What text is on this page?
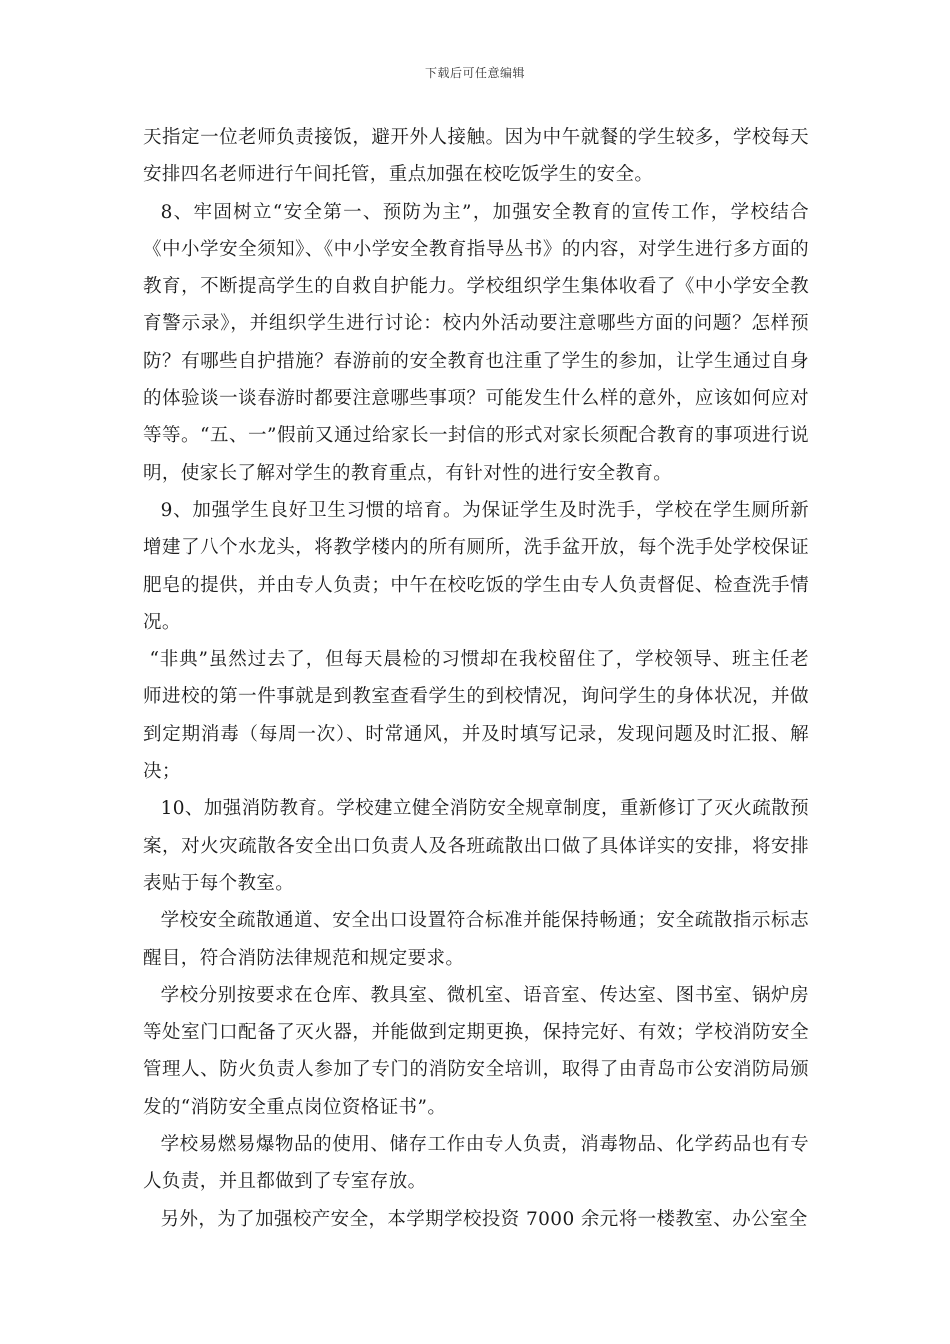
下载后可任意编辑

天指定一位老师负责接饭，避开外人接触。因为中午就餐的学生较多，学校每天安排四名老师进行午间托管，重点加强在校吃饭学生的安全。

8、牢固树立“安全第一、预防为主”，加强安全教育的宣传工作，学校结合《中小学安全须知》、《中小学安全教育指导丛书》的内容，对学生进行多方面的教育，不断提高学生的自救自护能力。学校组织学生集体收看了《中小学安全教育警示录》，并组织学生进行讨论：校内外活动要注意哪些方面的问题？怎样预防？有哪些自护措施？春游前的安全教育也注重了学生的参加，让学生通过自身的体验谈一谈春游时都要注意哪些事项？可能发生什么样的意外，应该如何应对等等。“五、一”假前又通过给家长一封信的形式对家长须配合教育的事项进行说明，使家长了解对学生的教育重点，有针对性的进行安全教育。

9、加强学生良好卫生习惯的培育。为保证学生及时洗手，学校在学生厕所新增建了八个水龙头，将教学楼内的所有厕所，洗手盆开放，每个洗手处学校保证肥皂的提供，并由专人负责；中午在校吃饭的学生由专人负责督促、检查洗手情况。

“非典”虽然过去了，但每天晨检的习惯却在我校留住了，学校领导、班主任老师进校的第一件事就是到教室查看学生的到校情况，询问学生的身体状况，并做到定期消毒（每周一次）、时常通风，并及时填写记录，发现问题及时汇报、解决；

10、加强消防教育。学校建立健全消防安全规章制度，重新修订了灭火疏散预案，对火灾疏散各安全出口负责人及各班疏散出口做了具体详实的安排，将安排表贴于每个教室。

学校安全疏散通道、安全出口设置符合标准并能保持畅通；安全疏散指示标志醒目，符合消防法律规范和规定要求。

学校分别按要求在仓库、教具室、微机室、语音室、传达室、图书室、锅炉房等处室门口配备了灭火器，并能做到定期更换，保持完好、有效；学校消防安全管理人、防火负责人参加了专门的消防安全培训，取得了由青岛市公安消防局颁发的“消防安全重点岗位资格证书”。

学校易燃易爆物品的使用、储存工作由专人负责，消毒物品、化学药品也有专人负责，并且都做到了专室存放。

另外，为了加强校产安全，本学期学校投资 7000 余元将一楼教室、办公室全
